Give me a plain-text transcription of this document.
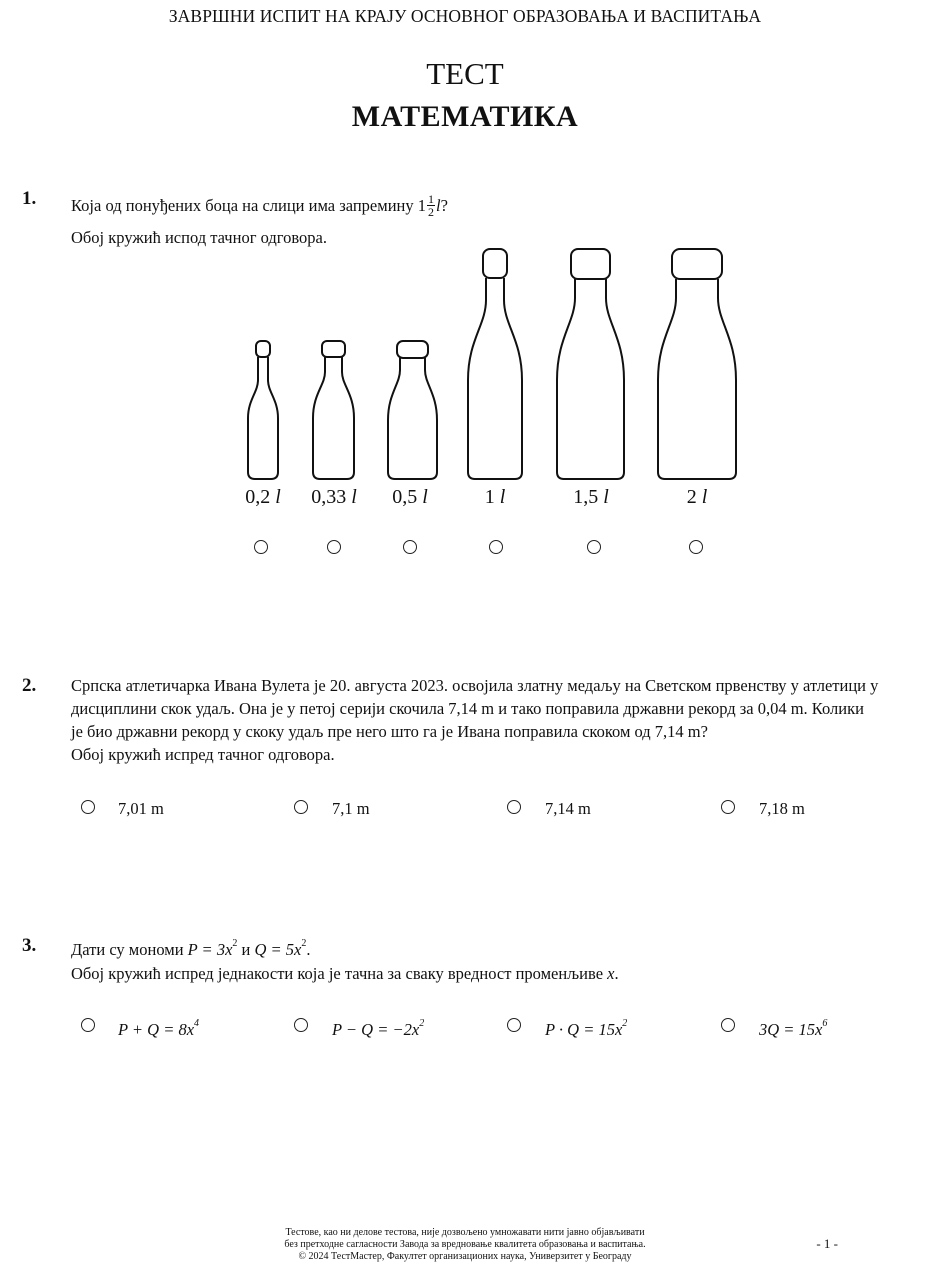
ЗАВРШНИ ИСПИТ НА КРАЈУ ОСНОВНОГ ОБРАЗОВАЊА И ВАСПИТАЊА
ТЕСТ
МАТЕМАТИКА
1. Која од понуђених боца на слици има запремину $1 \frac{1}{2} l$?
Обој кружић испод тачног одговора.
0,2 l	0,33 l	0,5 l	1 l	1,5 l	2 l
2. Српска атлетичарка Ивана Вулета је 20. августа 2023. освојила златну медаљу на Светском првенству у атлетици у
дисциплини скок удаљ. Она је у петој серији скочила 7,14 m и тако поправила државни рекорд за 0,04 m. Колики
је био државни рекорд у скоку удаљ пре него што га је Ивана поправила скоком од 7,14 m?
Обој кружић испред тачног одговора.
7,01 m	7,1 m	7,14 m	7,18 m
3. Дати су мономи $P = 3x^2$ и $Q = 5x^2$.
Обој кружић испред једнакости која је тачна за сваку вредност променљиве x.
$P + Q = 8x^4$	$P - Q = -2x^2$	$P \cdot Q = 15x^2$	$3Q = 15x^6$
Тестове, као ни делове тестова, није дозвољено умножавати нити јавно објављивати
без претходне сагласности Завода за вредновање квалитета образовања и васпитања.
© 2024 ТестМастер, Факултет организационих наука, Универзитет у Београду
- 1 -
